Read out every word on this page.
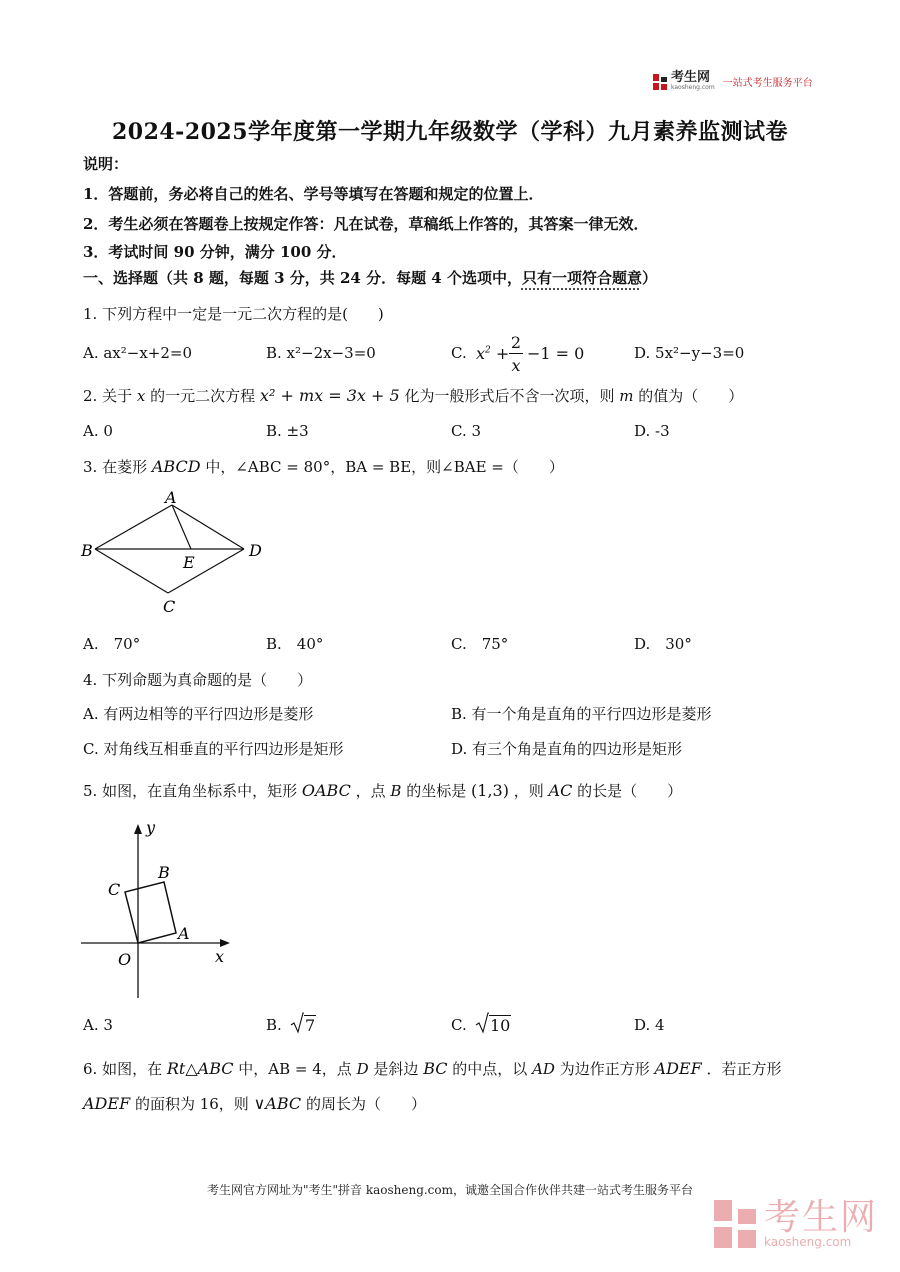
考生网
kaosheng.com 一站式考生服务平台
2024-2025学年度第一学期九年级数学（学科）九月素养监测试卷
说明：
1．答题前，务必将自己的姓名、学号等填写在答题和规定的位置上．
2．考生必须在答题卷上按规定作答：凡在试卷，草稿纸上作答的，其答案一律无效．
3．考试时间 90 分钟，满分 100 分．
一、选择题（共 8 题，每题 3 分，共 24 分．每题 4 个选项中，只有一项符合题意）
1. 下列方程中一定是一元二次方程的是(　　)
A. ax²−x+2=0	B. x²−2x−3=0	C. $x^2$ +
2
x
−1 = 0	D. 5x²−y−3=0
2. 关于 x 的一元二次方程 x² + mx = 3x + 5 化为一般形式后不含一次项，则 m 的值为（　　）
A. 0	B. ±3	C. 3	D. -3
3. 在菱形 ABCD 中，∠ABC = 80°，BA = BE，则∠BAE =（　　）
A
B	D
E
C
A.　70°	B.　40°	C.　75°	D.　30°
4. 下列命题为真命题的是（　　）
A. 有两边相等的平行四边形是菱形	B. 有一个角是直角的平行四边形是菱形
C. 对角线互相垂直的平行四边形是矩形	D. 有三个角是直角的四边形是矩形
5. 如图，在直角坐标系中，矩形 OABC ，点 B 的坐标是 (1,3) ，则 AC 的长是（　　）
y
x
O
A
B
C
A. 3	B. 7	C. 10	D. 4
6. 如图，在 Rt△ABC 中，AB = 4，点 D 是斜边 BC 的中点，以 AD 为边作正方形 ADEF ．若正方形
ADEF 的面积为 16，则 ∨ABC 的周长为（　　）
考生网官方网址为"考生"拼音 kaosheng.com，诚邀全国合作伙伴共建一站式考生服务平台
考生网
kaosheng.com
